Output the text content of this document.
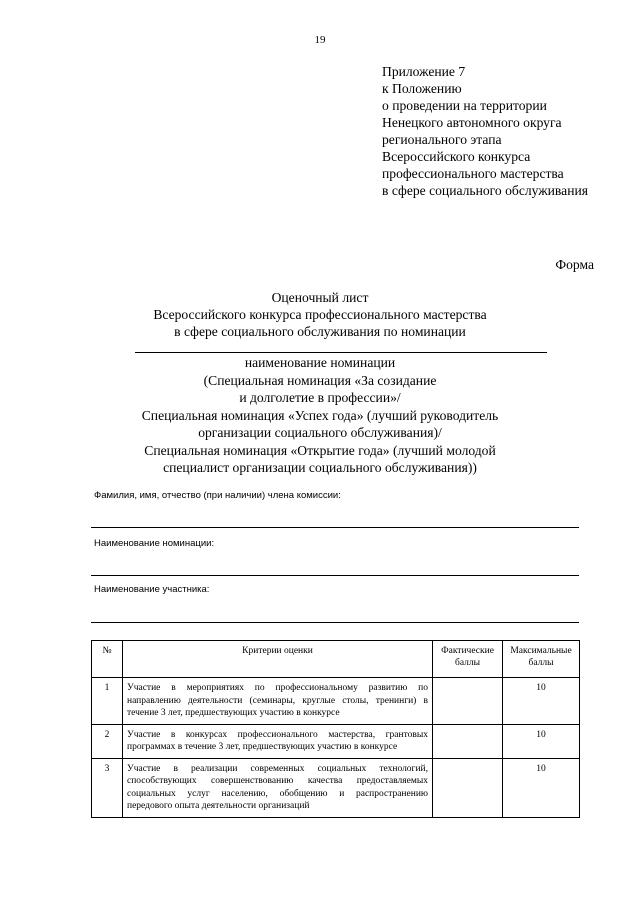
19
Приложение 7
к Положению
о проведении на территории
Ненецкого автономного округа
регионального этапа
Всероссийского конкурса
профессионального мастерства
в сфере социального обслуживания
Форма
Оценочный лист
Всероссийского конкурса профессионального мастерства
в сфере социального обслуживания по номинации
наименование номинации
(Специальная номинация «За созидание
и долголетие в профессии»/
Специальная номинация «Успех года» (лучший руководитель
организации социального обслуживания)/
Специальная номинация «Открытие года» (лучший молодой
специалист организации социального обслуживания))
Фамилия, имя, отчество (при наличии) члена комиссии:
Наименование номинации:
Наименование участника:
№	Критерии оценки	Фактические баллы	Максимальные баллы
1	Участие в мероприятиях по профессиональному развитию по направлению деятельности (семинары, круглые столы, тренинги) в течение 3 лет, предшествующих участию в конкурсе		10
2	Участие в конкурсах профессионального мастерства, грантовых программах в течение 3 лет, предшествующих участию в конкурсе		10
3	Участие в реализации современных социальных технологий, способствующих совершенствованию качества предоставляемых социальных услуг населению, обобщению и распространению передового опыта деятельности организаций		10
